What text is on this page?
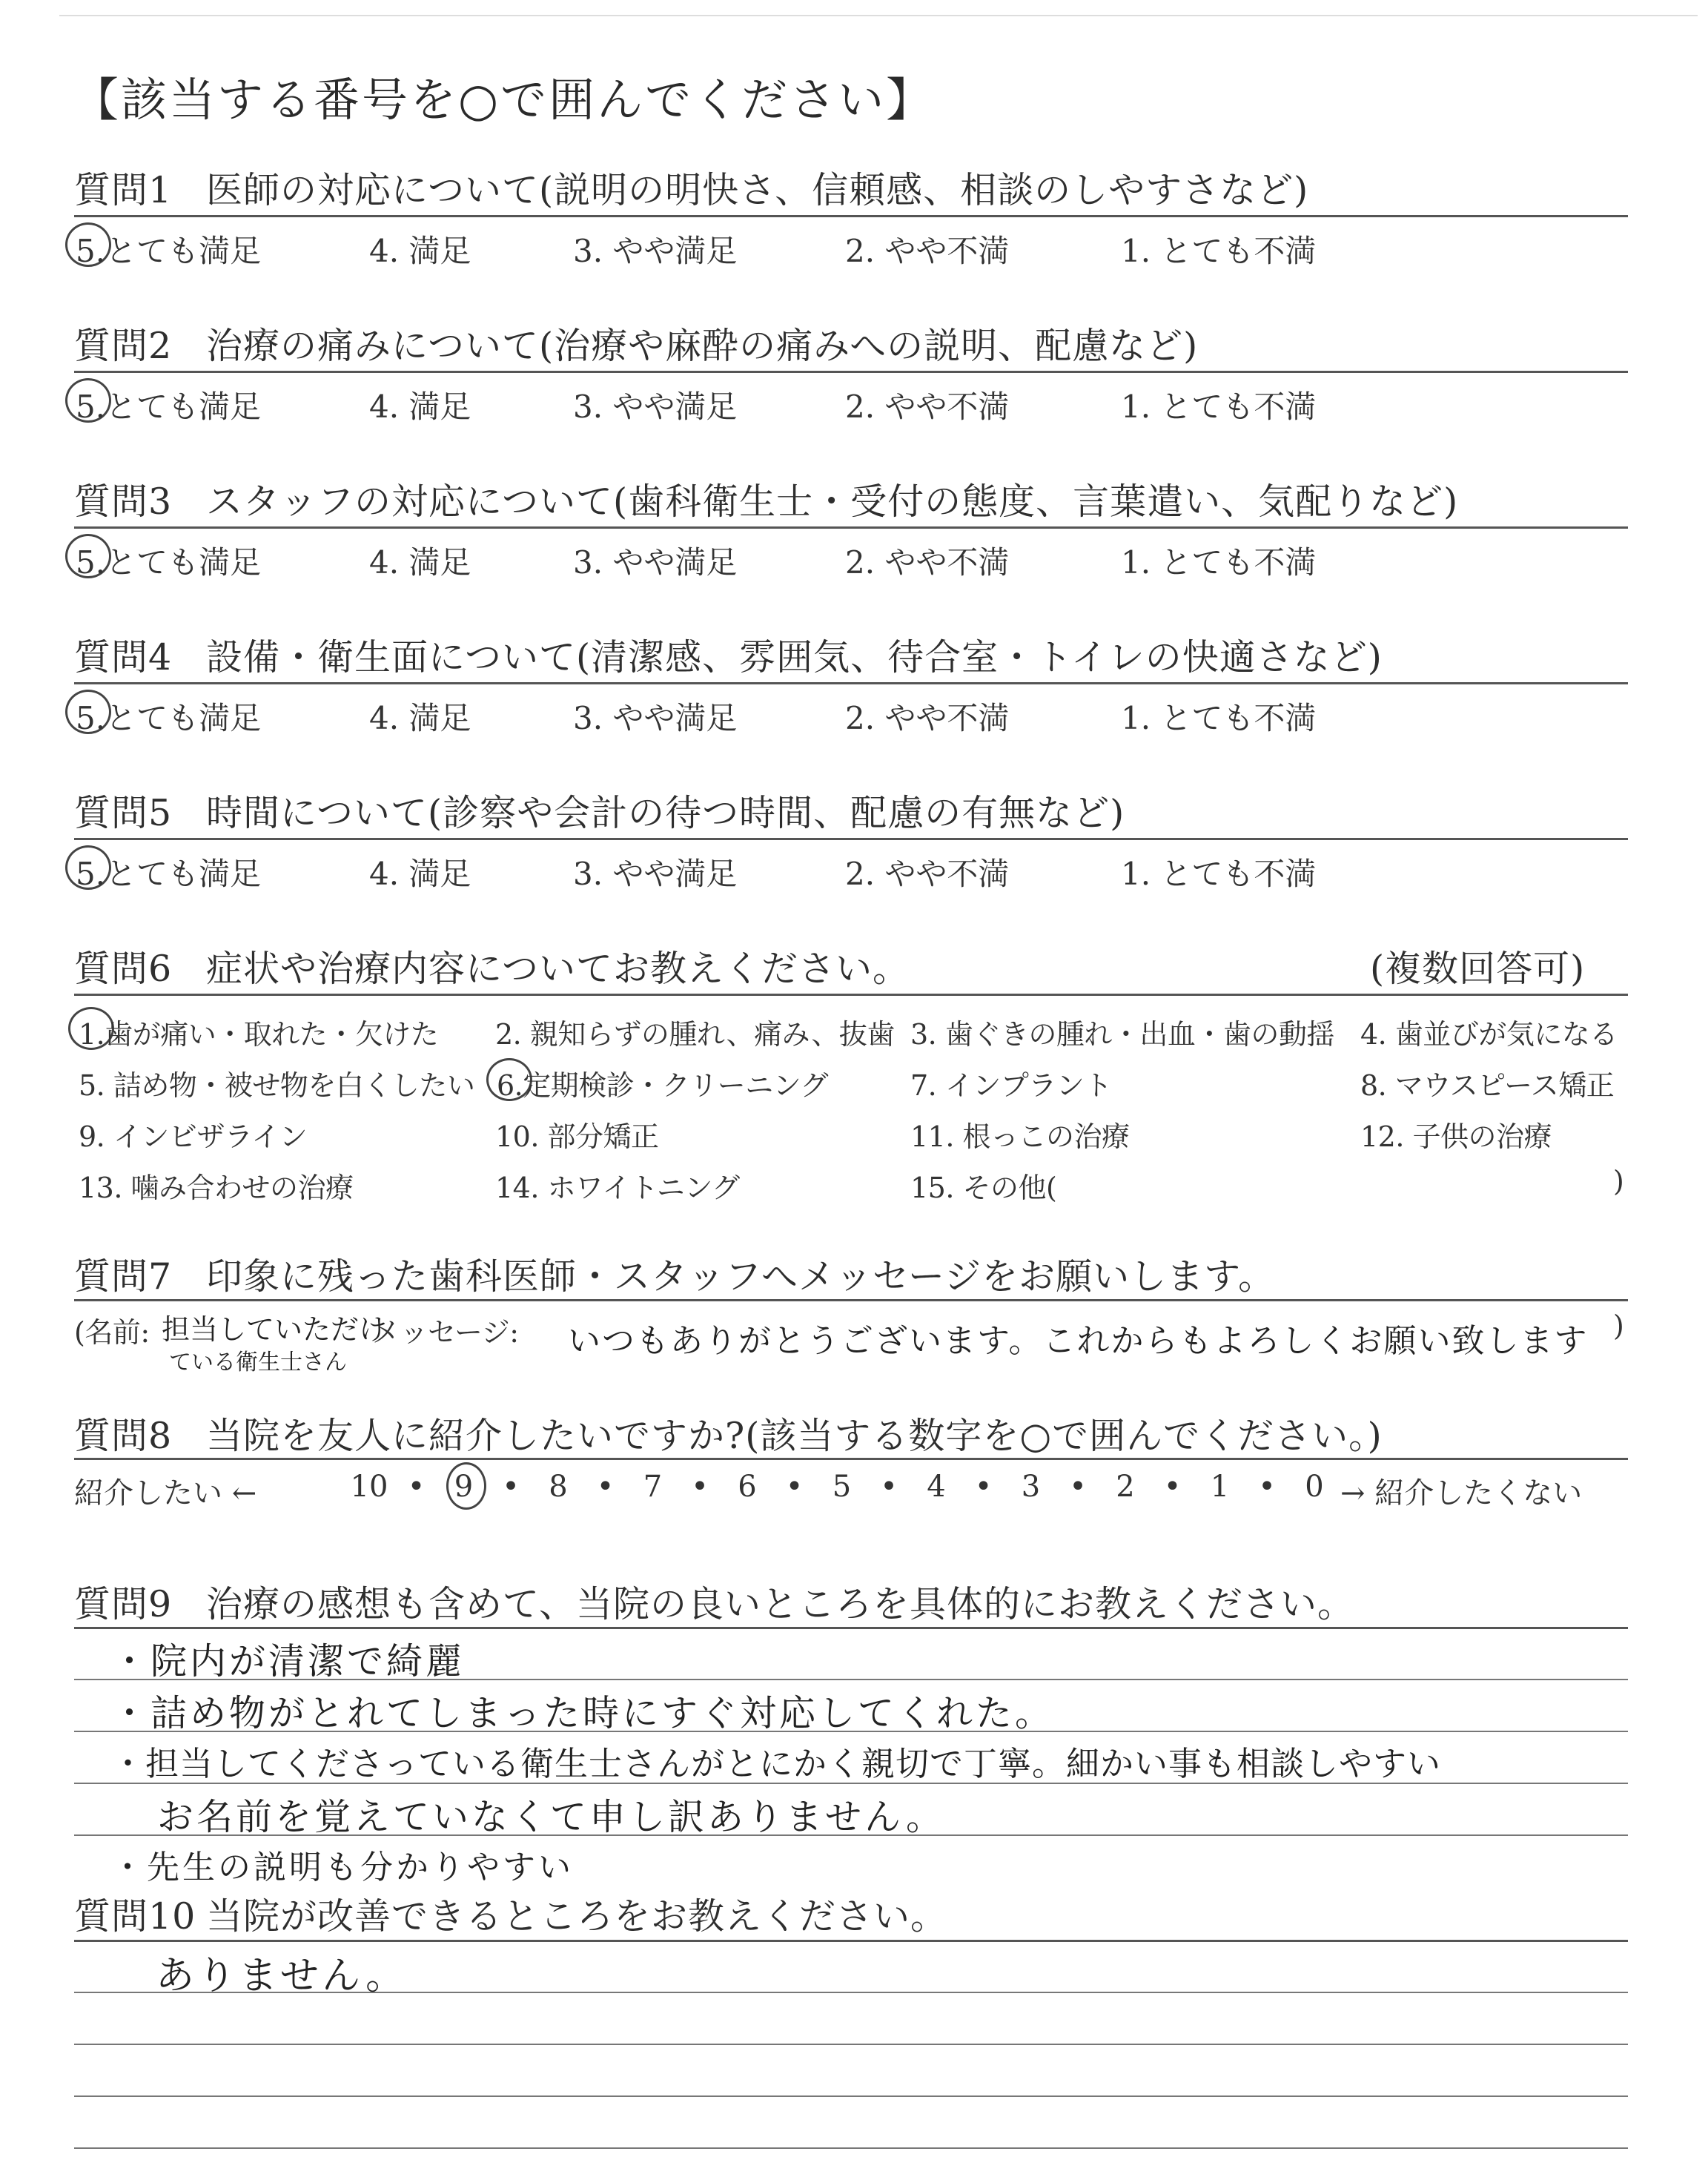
【該当する番号を○で囲んでください】
質問1 医師の対応について(説明の明快さ、信頼感、相談のしやすさなど)
5.とても満足	4. 満足	3. やや満足	2. やや不満	1. とても不満
質問2 治療の痛みについて(治療や麻酔の痛みへの説明、配慮など)
5.とても満足	4. 満足	3. やや満足	2. やや不満	1. とても不満
質問3 スタッフの対応について(歯科衛生士・受付の態度、言葉遣い、気配りなど)
5.とても満足	4. 満足	3. やや満足	2. やや不満	1. とても不満
質問4 設備・衛生面について(清潔感、雰囲気、待合室・トイレの快適さなど)
5.とても満足	4. 満足	3. やや満足	2. やや不満	1. とても不満
質問5 時間について(診察や会計の待つ時間、配慮の有無など)
5.とても満足	4. 満足	3. やや満足	2. やや不満	1. とても不満
質問6 症状や治療内容についてお教えください。	(複数回答可)
1.歯が痛い・取れた・欠けた 2. 親知らずの腫れ、痛み、抜歯 3. 歯ぐきの腫れ・出血・歯の動揺 4. 歯並びが気になる
5. 詰め物・被せ物を白くしたい 6.定期検診・クリーニング	7. インプラント	8. マウスピース矯正
9. インビザライン	10. 部分矯正	11. 根っこの治療	12. 子供の治療
13. 噛み合わせの治療	14. ホワイトニング	15. その他(	)
質問7 印象に残った歯科医師・スタッフへメッセージをお願いします。
(名前: 担当していただけ
ている衛生士さん
メッセージ: いつもありがとうございます。これからもよろしくお願い致します )
質問8 当院を友人に紹介したいですか?(該当する数字を○で囲んでください。)
紹介したい ←	10 • 9 • 8 • 7 • 6 • 5 • 4 • 3 • 2 • 1 • 0 → 紹介したくない
質問9 治療の感想も含めて、当院の良いところを具体的にお教えください。
・院内が清潔で綺麗
・詰め物がとれてしまった時にすぐ対応してくれた。
・担当してくださっている衛生士さんがとにかく親切で丁寧。細かい事も相談しやすい
お名前を覚えていなくて申し訳ありません。
・先生の説明も分かりやすい
質問10 当院が改善できるところをお教えください。
ありません。
